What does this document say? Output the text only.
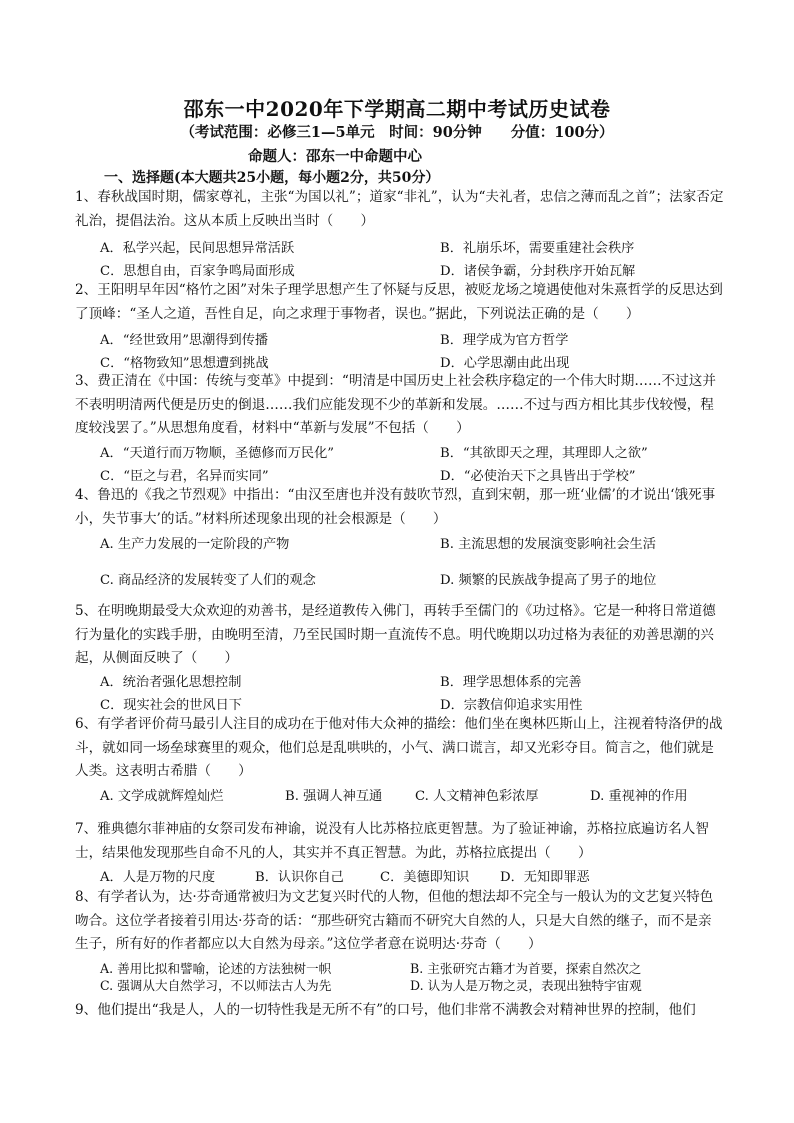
邵东一中2020年下学期高二期中考试历史试卷
（考试范围：必修三1—5单元　时间：90分钟　　分值：100分）
命题人：邵东一中命题中心
一、选择题(本大题共25小题，每小题2分，共50分）

1、春秋战国时期，儒家尊礼，主张“为国以礼”；道家“非礼”，认为“夫礼者，忠信之薄而乱之首”；法家否定礼治，提倡法治。这从本质上反映出当时（　　）

A．私学兴起，民间思想异常活跃	B．礼崩乐坏，需要重建社会秩序
C．思想自由，百家争鸣局面形成	D．诸侯争霸，分封秩序开始瓦解

2、王阳明早年因“格竹之困”对朱子理学思想产生了怀疑与反思，被贬龙场之境遇使他对朱熹哲学的反思达到了顶峰：“圣人之道，吾性自足，向之求理于事物者，误也。”据此，下列说法正确的是（　　）

A．“经世致用”思潮得到传播	B．理学成为官方哲学
C．“格物致知”思想遭到挑战	D．心学思潮由此出现

3、费正清在《中国：传统与变革》中提到：“明清是中国历史上社会秩序稳定的一个伟大时期……不过这并不表明明清两代便是历史的倒退……我们应能发现不少的革新和发展。……不过与西方相比其步伐较慢，程度较浅罢了。”从思想角度看，材料中“革新与发展”不包括（　　）

A．“天道行而万物顺，圣德修而万民化”	B．“其欲即天之理，其理即人之欲”
C．“臣之与君，名异而实同”	D．“必使治天下之具皆出于学校”

4、鲁迅的《我之节烈观》中指出：“由汉至唐也并没有鼓吹节烈，直到宋朝，那一班‘业儒’的才说出‘饿死事小，失节事大’的话。”材料所述现象出现的社会根源是（　　）

A. 生产力发展的一定阶段的产物	B. 主流思想的发展演变影响社会生活
C. 商品经济的发展转变了人们的观念	D. 频繁的民族战争提高了男子的地位

5、在明晚期最受大众欢迎的劝善书，是经道教传入佛门，再转手至儒门的《功过格》。它是一种将日常道德行为量化的实践手册，由晚明至清，乃至民国时期一直流传不息。明代晚期以功过格为表征的劝善思潮的兴起，从侧面反映了（　　）

A．统治者强化思想控制	B．理学思想体系的完善
C．现实社会的世风日下	D．宗教信仰追求实用性

6、有学者评价荷马最引人注目的成功在于他对伟大众神的描绘：他们坐在奥林匹斯山上，注视着特洛伊的战斗，就如同一场垒球赛里的观众，他们总是乱哄哄的，小气、满口谎言，却又光彩夺目。简言之，他们就是人类。这表明古希腊（　　）

A. 文学成就辉煌灿烂	B. 强调人神互通 C. 人文精神色彩浓厚	D. 重视神的作用

7、雅典德尔菲神庙的女祭司发布神谕，说没有人比苏格拉底更智慧。为了验证神谕，苏格拉底遍访名人智士，结果他发现那些自命不凡的人，其实并不真正智慧。为此，苏格拉底提出（　　）

A．人是万物的尺度	B．认识你自己	C．美德即知识 D．无知即罪恶

8、有学者认为，达·芬奇通常被归为文艺复兴时代的人物，但他的想法却不完全与一般认为的文艺复兴特色吻合。这位学者接着引用达·芬奇的话：“那些研究古籍而不研究大自然的人，只是大自然的继子，而不是亲生子，所有好的作者都应以大自然为母亲。”这位学者意在说明达·芬奇（　　）

A. 善用比拟和譬喻，论述的方法独树一帜	B. 主张研究古籍才为首要，探索自然次之
C. 强调从大自然学习，不以师法古人为先	D. 认为人是万物之灵，表现出独特宇宙观

9、他们提出“我是人，人的一切特性我是无所不有”的口号，他们非常不满教会对精神世界的控制，他们
